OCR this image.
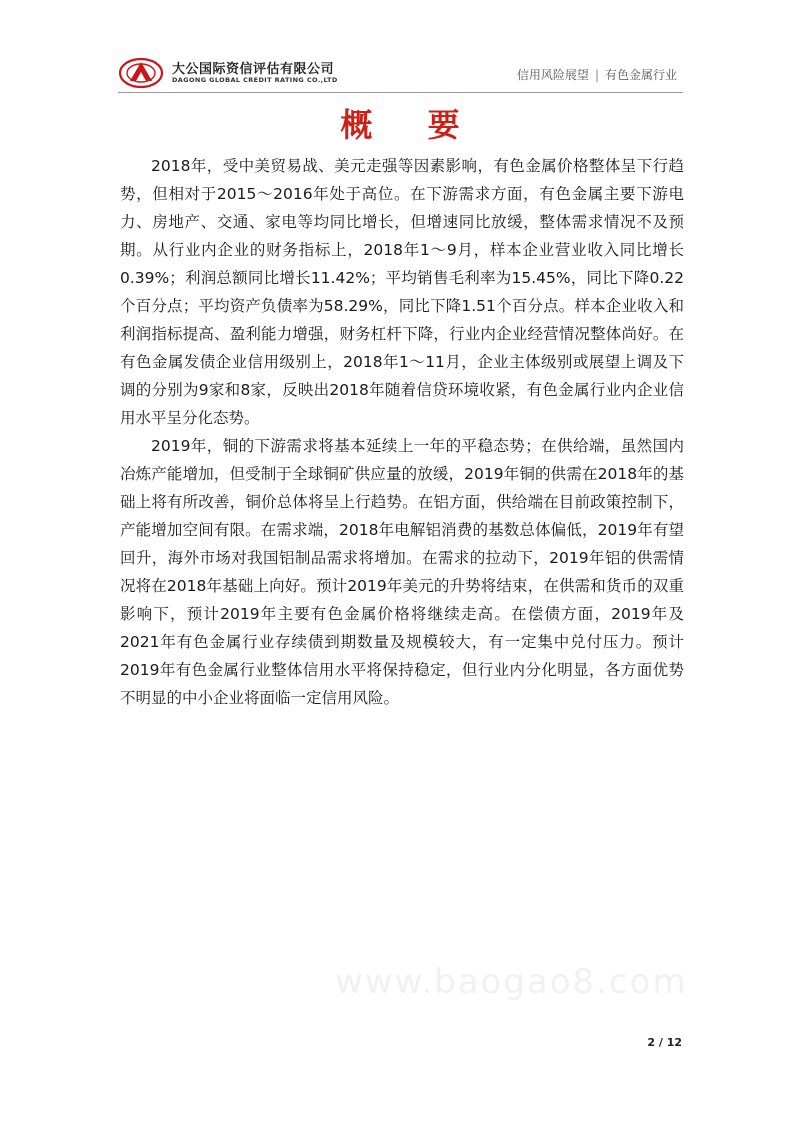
大公国际资信评估有限公司
DAGONG GLOBAL CREDIT RATING CO.,LTD	信用风险展望 | 有色金属行业
概 要

2018年，受中美贸易战、美元走强等因素影响，有色金属价格整体呈下行趋势，但相对于2015～2016年处于高位。在下游需求方面，有色金属主要下游电力、房地产、交通、家电等均同比增长，但增速同比放缓，整体需求情况不及预期。从行业内企业的财务指标上，2018年1～9月，样本企业营业收入同比增长0.39%；利润总额同比增长11.42%；平均销售毛利率为15.45%，同比下降0.22个百分点；平均资产负债率为58.29%，同比下降1.51个百分点。样本企业收入和利润指标提高、盈利能力增强，财务杠杆下降，行业内企业经营情况整体尚好。在有色金属发债企业信用级别上，2018年1～11月，企业主体级别或展望上调及下调的分别为9家和8家，反映出2018年随着信贷环境收紧，有色金属行业内企业信用水平呈分化态势。

2019年，铜的下游需求将基本延续上一年的平稳态势；在供给端，虽然国内冶炼产能增加，但受制于全球铜矿供应量的放缓，2019年铜的供需在2018年的基础上将有所改善，铜价总体将呈上行趋势。在铝方面，供给端在目前政策控制下，产能增加空间有限。在需求端，2018年电解铝消费的基数总体偏低，2019年有望回升，海外市场对我国铝制品需求将增加。在需求的拉动下，2019年铝的供需情况将在2018年基础上向好。预计2019年美元的升势将结束，在供需和货币的双重影响下，预计2019年主要有色金属价格将继续走高。在偿债方面，2019年及2021年有色金属行业存续债到期数量及规模较大，有一定集中兑付压力。预计2019年有色金属行业整体信用水平将保持稳定，但行业内分化明显，各方面优势不明显的中小企业将面临一定信用风险。

www.baogao8.com
2 / 12
